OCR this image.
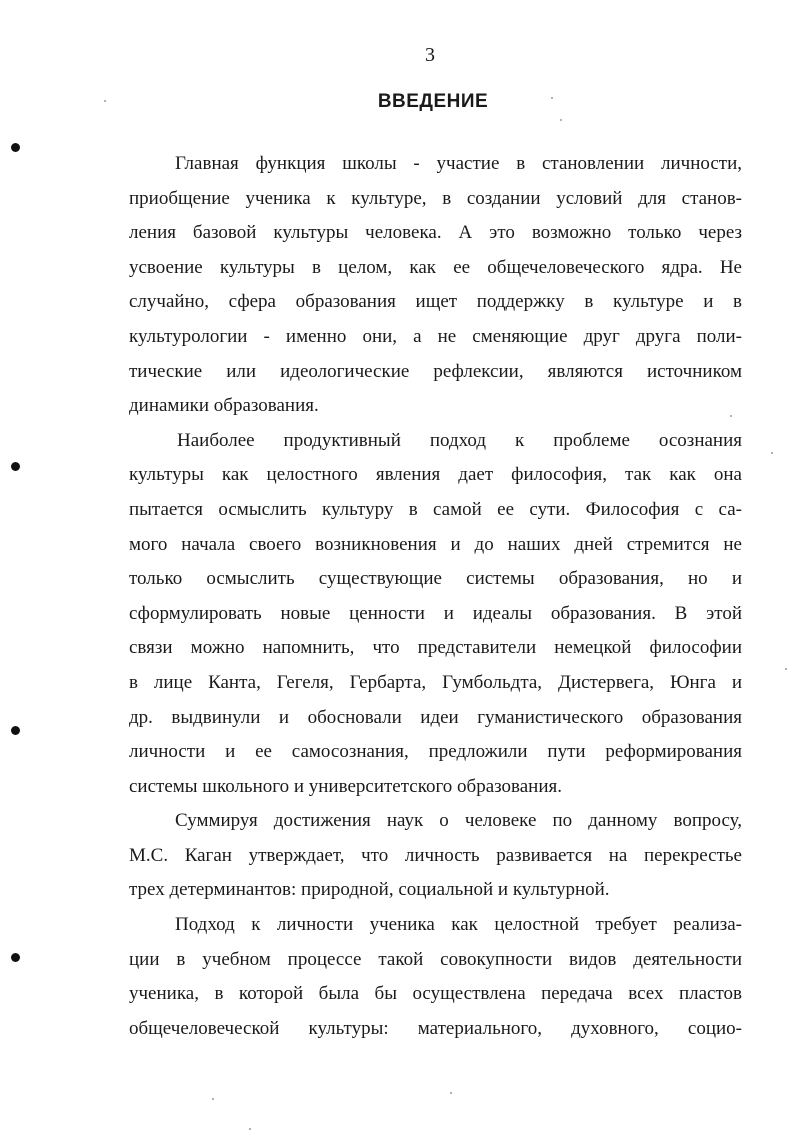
3
ВВЕДЕНИЕ

Главная функция школы - участие в становлении личности,
приобщение ученика к культуре, в создании условий для станов-
ления базовой культуры человека. А это возможно только через
усвоение культуры в целом, как ее общечеловеческого ядра. Не
случайно, сфера образования ищет поддержку в культуре и в
культурологии - именно они, а не сменяющие друг друга поли-
тические или идеологические рефлексии, являются источником
динамики образования.

Наиболее продуктивный подход к проблеме осознания
культуры как целостного явления дает философия, так как она
пытается осмыслить культуру в самой ее сути. Философия с са-
мого начала своего возникновения и до наших дней стремится не
только осмыслить существующие системы образования, но и
сформулировать новые ценности и идеалы образования. В этой
связи можно напомнить, что представители немецкой философии
в лице Канта, Гегеля, Гербарта, Гумбольдта, Дистервега, Юнга и
др. выдвинули и обосновали идеи гуманистического образования
личности и ее самосознания, предложили пути реформирования
системы школьного и университетского образования.

Суммируя достижения наук о человеке по данному вопросу,
М.С. Каган утверждает, что личность развивается на перекрестье
трех детерминантов: природной, социальной и культурной.

Подход к личности ученика как целостной требует реализа-
ции в учебном процессе такой совокупности видов деятельности
ученика, в которой была бы осуществлена передача всех пластов
общечеловеческой культуры: материального, духовного, социо-
